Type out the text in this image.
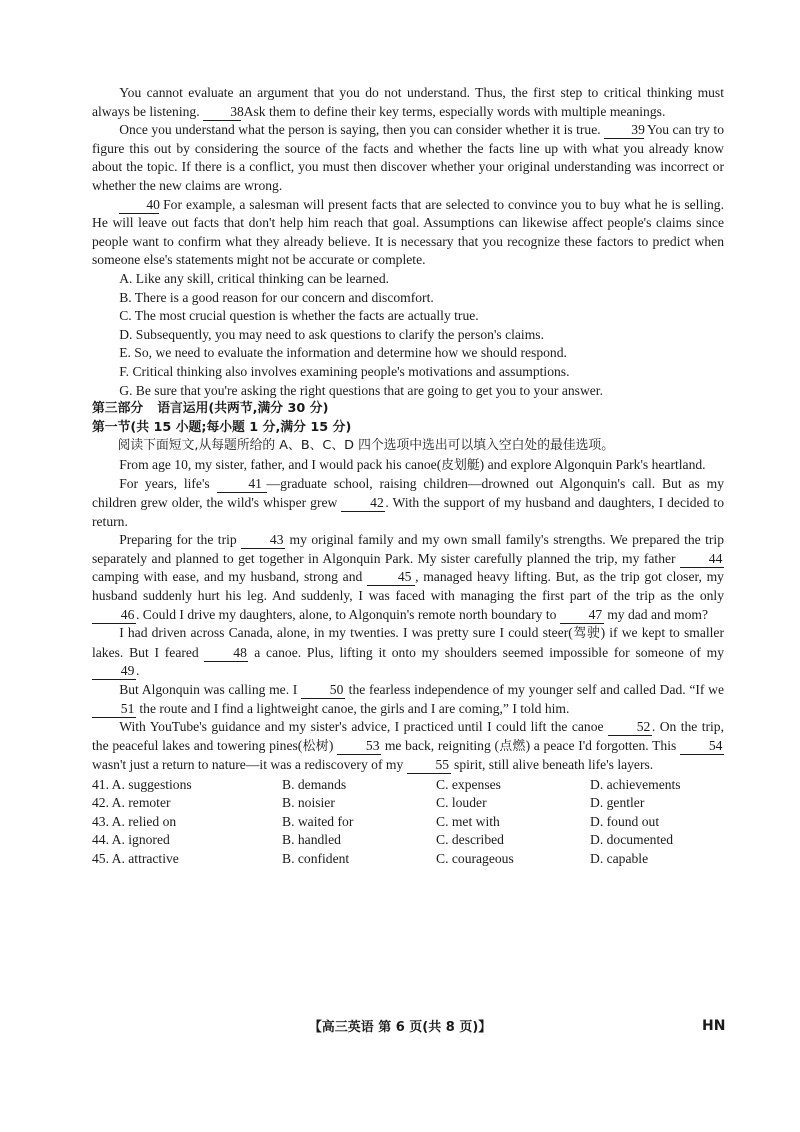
You cannot evaluate an argument that you do not understand. Thus, the first step to critical thinking must always be listening. 38 Ask them to define their key terms, especially words with multiple meanings.

Once you understand what the person is saying, then you can consider whether it is true. 39 You can try to figure this out by considering the source of the facts and whether the facts line up with what you already know about the topic. If there is a conflict, you must then discover whether your original understanding was incorrect or whether the new claims are wrong.

40 For example, a salesman will present facts that are selected to convince you to buy what he is selling. He will leave out facts that don't help him reach that goal. Assumptions can likewise affect people's claims since people want to confirm what they already believe. It is necessary that you recognize these factors to predict when someone else's statements might not be accurate or complete.

A. Like any skill, critical thinking can be learned.

B. There is a good reason for our concern and discomfort.

C. The most crucial question is whether the facts are actually true.

D. Subsequently, you may need to ask questions to clarify the person's claims.

E. So, we need to evaluate the information and determine how we should respond.

F. Critical thinking also involves examining people's motivations and assumptions.

G. Be sure that you're asking the right questions that are going to get you to your answer.

第三部分 语言运用(共两节,满分 30 分)

第一节(共 15 小题;每小题 1 分,满分 15 分)

阅读下面短文,从每题所给的 A、B、C、D 四个选项中选出可以填入空白处的最佳选项。

From age 10, my sister, father, and I would pack his canoe(皮划艇) and explore Algonquin Park's heartland.

For years, life's 41 —graduate school, raising children—drowned out Algonquin's call. But as my children grew older, the wild's whisper grew 42 . With the support of my husband and daughters, I decided to return.

Preparing for the trip 43 my original family and my own small family's strengths. We prepared the trip separately and planned to get together in Algonquin Park. My sister carefully planned the trip, my father 44 camping with ease, and my husband, strong and 45 , managed heavy lifting. But, as the trip got closer, my husband suddenly hurt his leg. And suddenly, I was faced with managing the first part of the trip as the only 46 . Could I drive my daughters, alone, to Algonquin's remote north boundary to 47 my dad and mom?

I had driven across Canada, alone, in my twenties. I was pretty sure I could steer(驾驶) if we kept to smaller lakes. But I feared 48 a canoe. Plus, lifting it onto my shoulders seemed impossible for someone of my 49 .

But Algonquin was calling me. I 50 the fearless independence of my younger self and called Dad. “If we 51 the route and I find a lightweight canoe, the girls and I are coming,” I told him.

With YouTube's guidance and my sister's advice, I practiced until I could lift the canoe 52 . On the trip, the peaceful lakes and towering pines(松树) 53 me back, reigniting (点燃) a peace I'd forgotten. This 54 wasn't just a return to nature—it was a rediscovery of my 55 spirit, still alive beneath life's layers.

41. A. suggestions	B. demands	C. expenses	D. achievements
42. A. remoter	B. noisier	C. louder	D. gentler
43. A. relied on	B. waited for	C. met with	D. found out
44. A. ignored	B. handled	C. described	D. documented
45. A. attractive	B. confident	C. courageous	D. capable
【高三英语 第 6 页(共 8 页)】	HN
